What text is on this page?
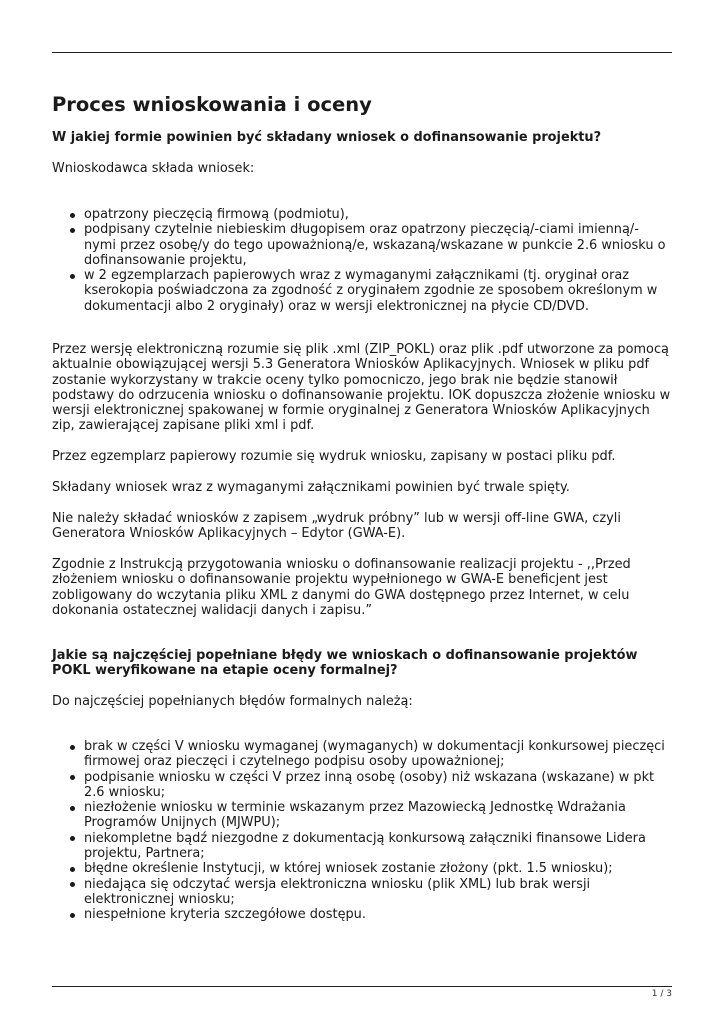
Proces wnioskowania i oceny

W jakiej formie powinien być składany wniosek o dofinansowanie projektu?

Wnioskodawca składa wniosek:

opatrzony pieczęcią firmową (podmiotu),
podpisany czytelnie niebieskim długopisem oraz opatrzony pieczęcią/-ciami imienną/- nymi przez osobę/y do tego upoważnioną/e, wskazaną/wskazane w punkcie 2.6 wniosku o dofinansowanie projektu,
w 2 egzemplarzach papierowych wraz z wymaganymi załącznikami (tj. oryginał oraz kserokopia poświadczona za zgodność z oryginałem zgodnie ze sposobem określonym w dokumentacji albo 2 oryginały) oraz w wersji elektronicznej na płycie CD/DVD.

Przez wersję elektroniczną rozumie się plik .xml (ZIP_POKL) oraz plik .pdf utworzone za pomocą aktualnie obowiązującej wersji 5.3 Generatora Wniosków Aplikacyjnych. Wniosek w pliku pdf zostanie wykorzystany w trakcie oceny tylko pomocniczo, jego brak nie będzie stanowił podstawy do odrzucenia wniosku o dofinansowanie projektu. IOK dopuszcza złożenie wniosku w wersji elektronicznej spakowanej w formie oryginalnej z Generatora Wniosków Aplikacyjnych zip, zawierającej zapisane pliki xml i pdf.

Przez egzemplarz papierowy rozumie się wydruk wniosku, zapisany w postaci pliku pdf.

Składany wniosek wraz z wymaganymi załącznikami powinien być trwale spięty.

Nie należy składać wniosków z zapisem „wydruk próbny” lub w wersji off-line GWA, czyli Generatora Wniosków Aplikacyjnych – Edytor (GWA-E).

Zgodnie z Instrukcją przygotowania wniosku o dofinansowanie realizacji projektu - ,,Przed złożeniem wniosku o dofinansowanie projektu wypełnionego w GWA-E beneficjent jest zobligowany do wczytania pliku XML z danymi do GWA dostępnego przez Internet, w celu dokonania ostatecznej walidacji danych i zapisu.”

Jakie są najczęściej popełniane błędy we wnioskach o dofinansowanie projektów POKL weryfikowane na etapie oceny formalnej?

Do najczęściej popełnianych błędów formalnych należą:

brak w części V wniosku wymaganej (wymaganych) w dokumentacji konkursowej pieczęci firmowej oraz pieczęci i czytelnego podpisu osoby upoważnionej;
podpisanie wniosku w części V przez inną osobę (osoby) niż wskazana (wskazane) w pkt 2.6 wniosku;
niezłożenie wniosku w terminie wskazanym przez Mazowiecką Jednostkę Wdrażania Programów Unijnych (MJWPU);
niekompletne bądź niezgodne z dokumentacją konkursową załączniki finansowe Lidera projektu, Partnera;
błędne określenie Instytucji, w której wniosek zostanie złożony (pkt. 1.5 wniosku);
niedająca się odczytać wersja elektroniczna wniosku (plik XML) lub brak wersji elektronicznej wniosku;
niespełnione kryteria szczegółowe dostępu.
1 / 3
